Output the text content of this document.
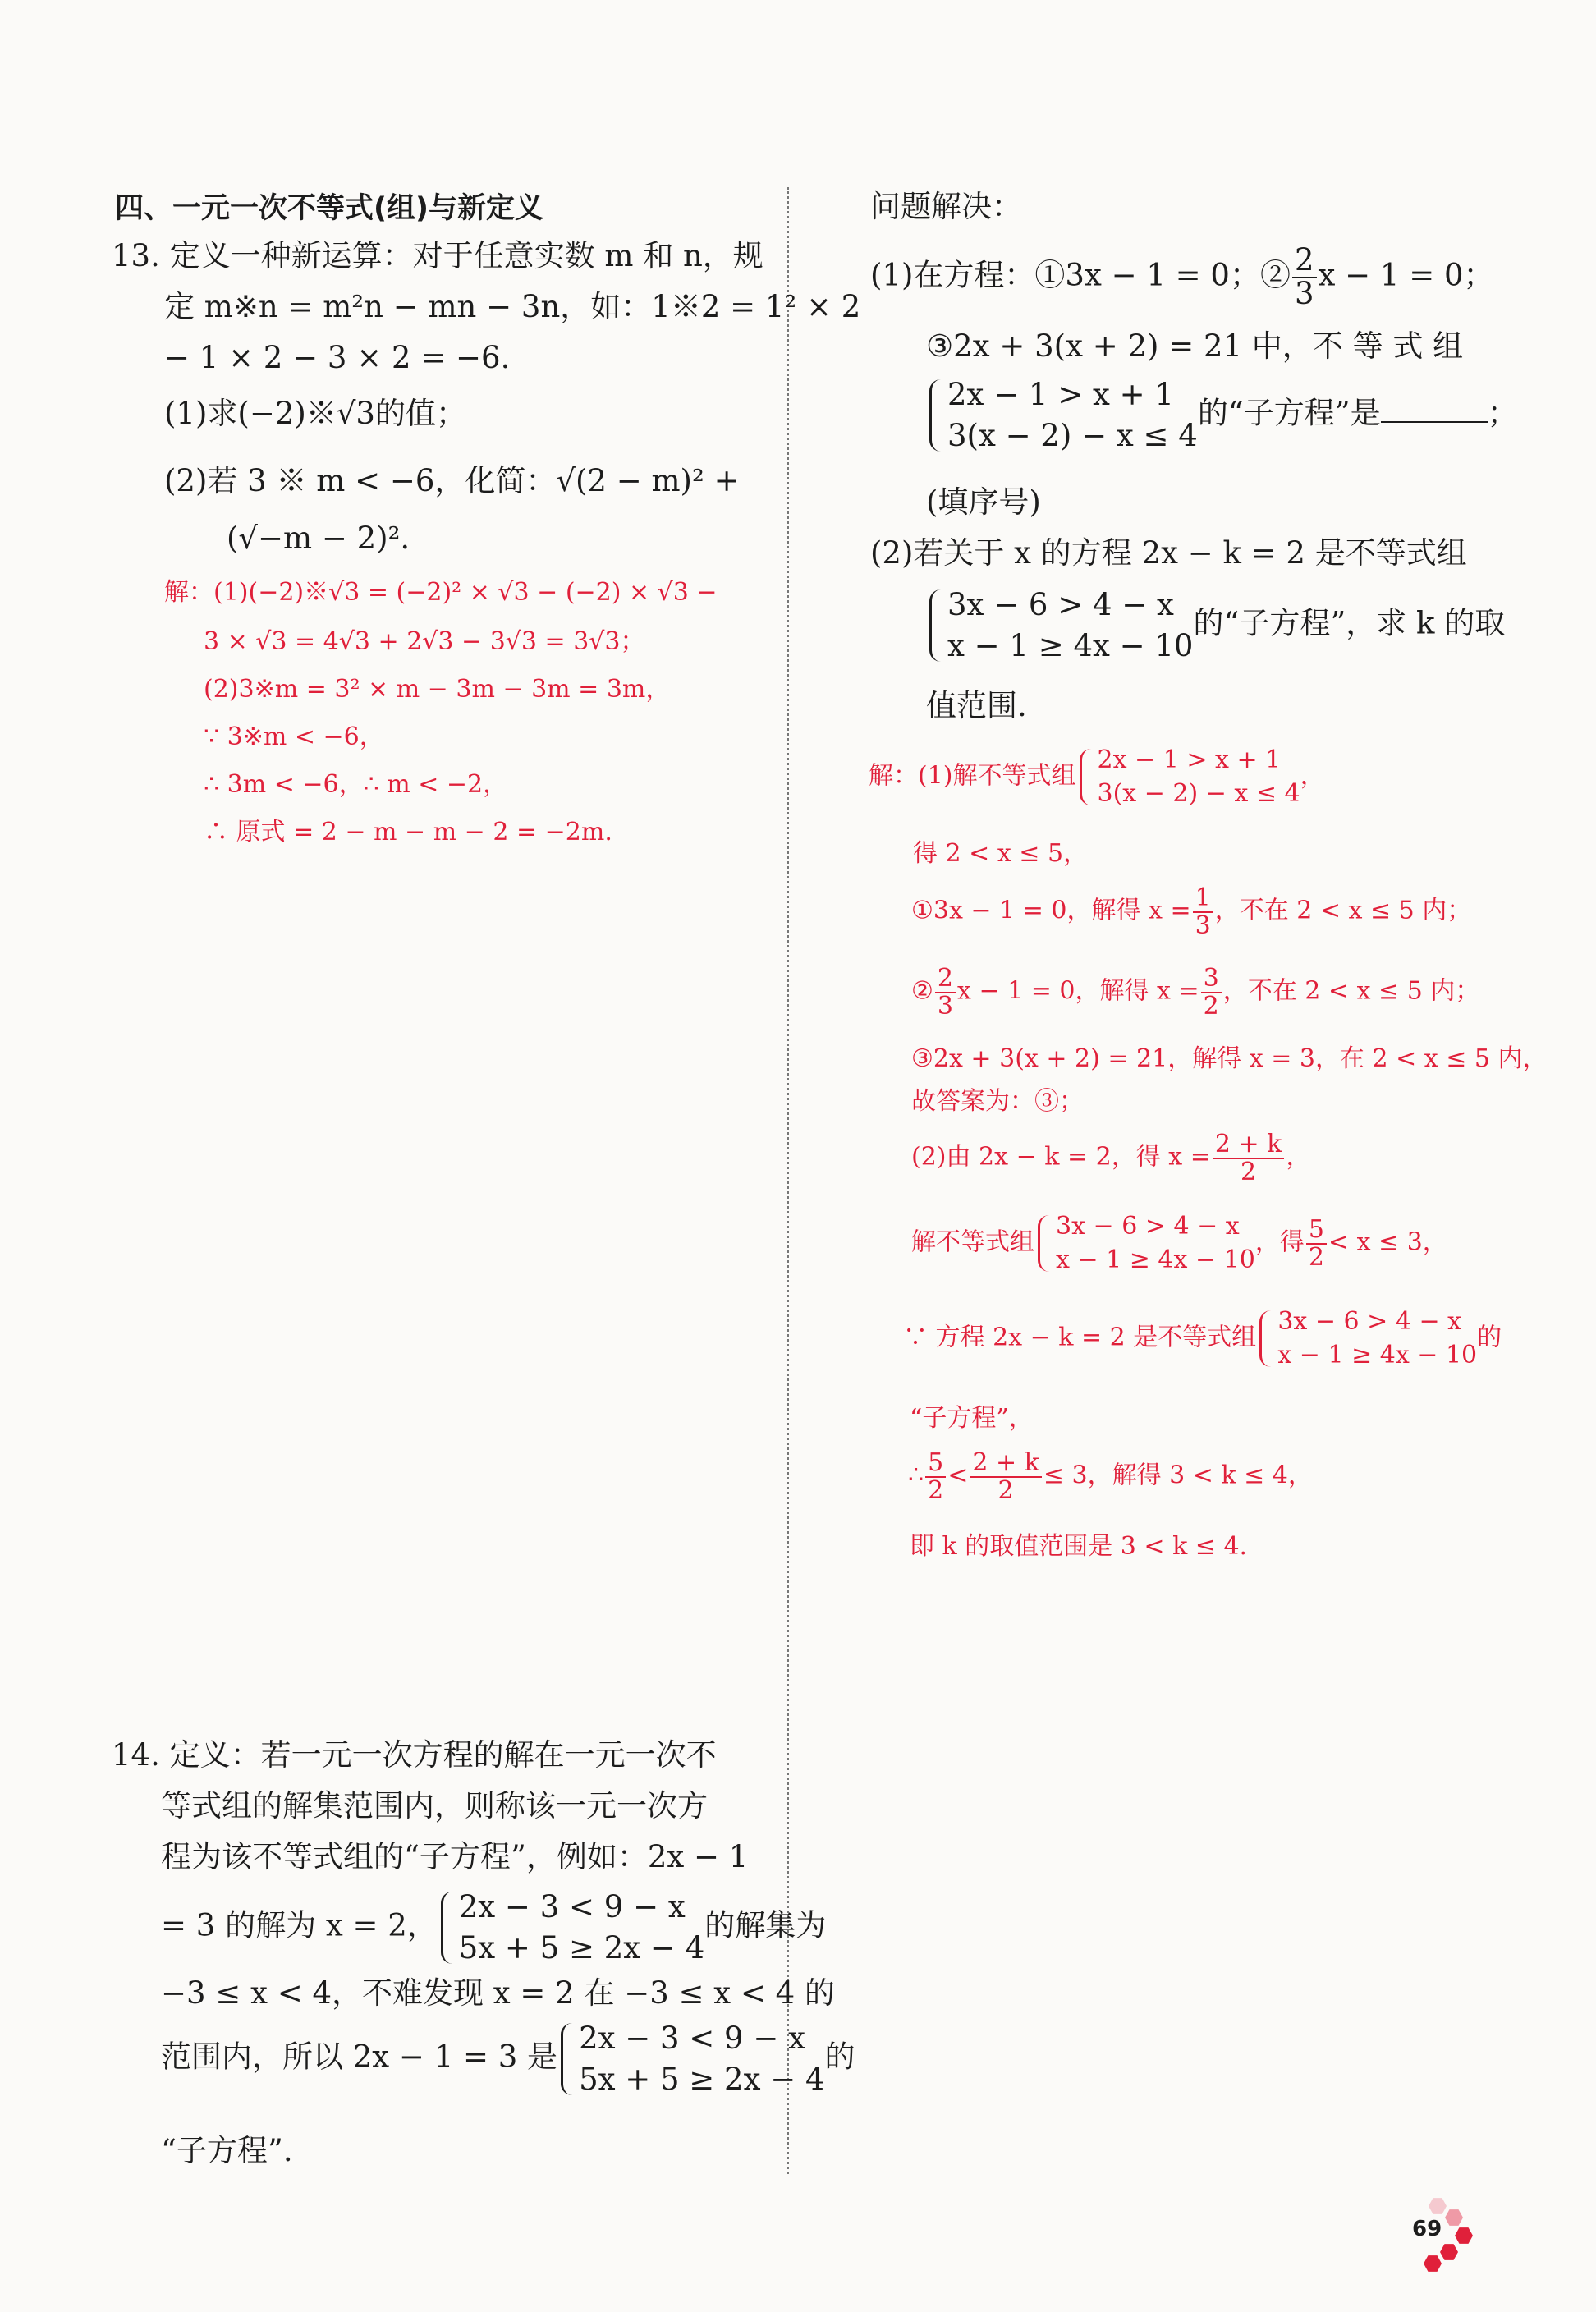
四、一元一次不等式(组)与新定义
13. 定义一种新运算：对于任意实数 m 和 n，规
定 m※n = m²n − mn − 3n，如：1※2 = 1² × 2
− 1 × 2 − 3 × 2 = −6.
(1)求(−2)※√3的值；
(2)若 3 ※ m < −6，化简：√(2 − m)² +
(√−m − 2)².
解：(1)(−2)※√3 = (−2)² × √3 − (−2) × √3 −
3 × √3 = 4√3 + 2√3 − 3√3 = 3√3；
(2)3※m = 3² × m − 3m − 3m = 3m，
∵ 3※m < −6，
∴ 3m < −6，∴ m < −2，
∴ 原式 = 2 − m − m − 2 = −2m.
14. 定义：若一元一次方程的解在一元一次不
等式组的解集范围内，则称该一元一次方
程为该不等式组的“子方程”，例如：2x − 1
= 3 的解为 x = 2，
2x − 3 < 9 − x
5x + 5 ≥ 2x − 4
的解集为
−3 ≤ x < 4，不难发现 x = 2 在 −3 ≤ x < 4 的
范围内，所以 2x − 1 = 3 是
2x − 3 < 9 − x
5x + 5 ≥ 2x − 4
的
“子方程”.
问题解决：
(1)在方程：①3x − 1 = 0；② $\frac{2}{3}$ x − 1 = 0；
③2x + 3(x + 2) = 21 中，不 等 式 组
2x − 1 > x + 1
3(x − 2) − x ≤ 4
的“子方程”是	；
(填序号)
(2)若关于 x 的方程 2x − k = 2 是不等式组
3x − 6 > 4 − x
x − 1 ≥ 4x − 10
的“子方程”，求 k 的取
值范围.
解：(1)解不等式组
2x − 1 > x + 1
3(x − 2) − x ≤ 4
，
得 2 < x ≤ 5，
①3x − 1 = 0，解得 $x = \frac{1}{3}$ ，不在 2 < x ≤ 5 内；
② $\frac{2}{3}$ x − 1 = 0，解得 $x = \frac{3}{2}$ ，不在 2 < x ≤ 5 内；
③2x + 3(x + 2) = 21，解得 x = 3，在 2 < x ≤ 5 内，
故答案为：③；
(2)由 2x − k = 2，得 $x = \frac{2 + k}{2}$ ，
解不等式组
3x − 6 > 4 − x
x − 1 ≥ 4x − 10
，得 $\frac{5}{2} < x \le 3$，
∵ 方程 2x − k = 2 是不等式组
3x − 6 > 4 − x
x − 1 ≥ 4x − 10
的
“子方程”，
∴ $\frac{5}{2} < \frac{2 + k}{2} \le 3$，解得 3 < k ≤ 4，
即 k 的取值范围是 3 < k ≤ 4.
69
